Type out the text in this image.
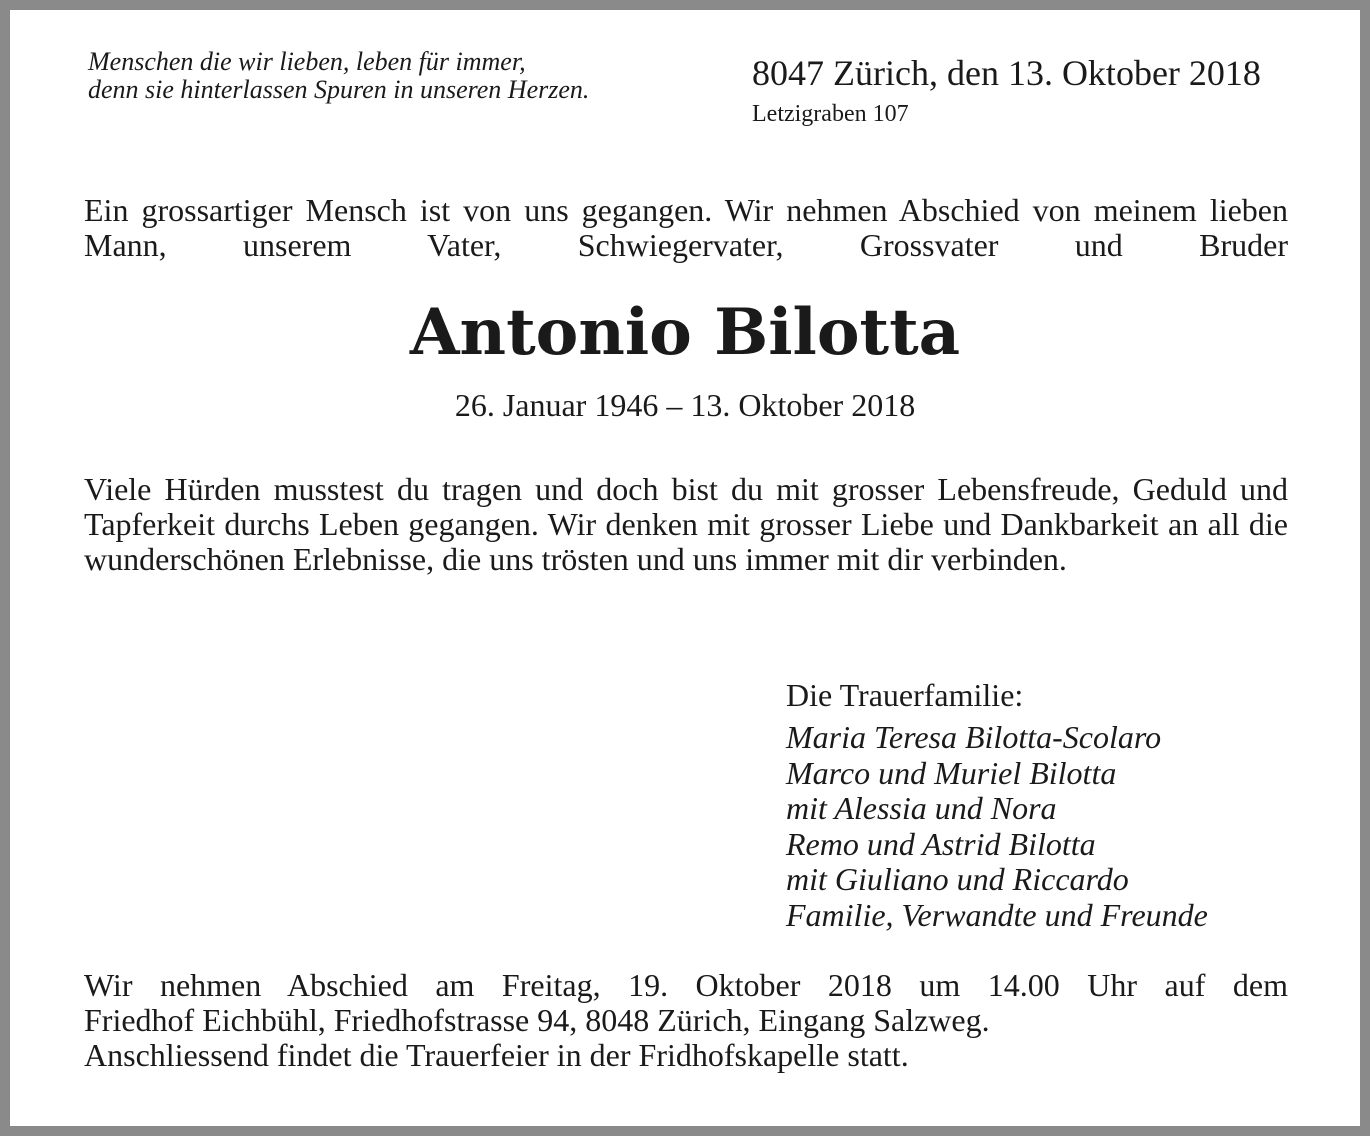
Menschen die wir lieben, leben für immer,
denn sie hinterlassen Spuren in unseren Herzen.	8047 Zürich, den 13. Oktober 2018

Letzigraben 107

Ein grossartiger Mensch ist von uns gegangen. Wir nehmen Abschied von meinem lieben Mann, unserem Vater, Schwiegervater, Grossvater und Bruder

Antonio Bilotta

26. Januar 1946 – 13. Oktober 2018

Viele Hürden musstest du tragen und doch bist du mit grosser Lebensfreude, Geduld und Tapferkeit durchs Leben gegangen. Wir denken mit grosser Liebe und Dankbarkeit an all die wunderschönen Erlebnisse, die uns trösten und uns immer mit dir verbinden.

Die Trauerfamilie:

Maria Teresa Bilotta-Scolaro
Marco und Muriel Bilotta
mit Alessia und Nora
Remo und Astrid Bilotta
mit Giuliano und Riccardo
Familie, Verwandte und Freunde

Wir nehmen Abschied am Freitag, 19. Oktober 2018 um 14.00 Uhr auf dem
Friedhof Eichbühl, Friedhofstrasse 94, 8048 Zürich, Eingang Salzweg.
Anschliessend findet die Trauerfeier in der Fridhofskapelle statt.
